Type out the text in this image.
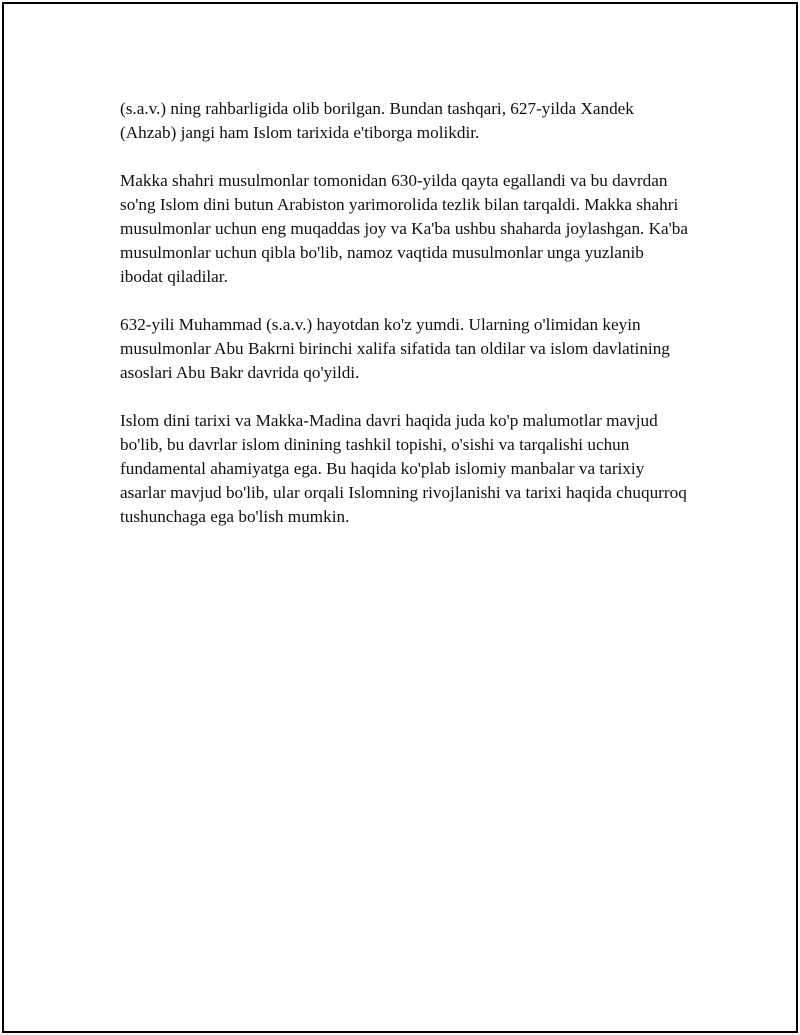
(s.a.v.) ning rahbarligida olib borilgan. Bundan tashqari, 627-yilda Xandek (Ahzab) jangi ham Islom tarixida e'tiborga molikdir.

Makka shahri musulmonlar tomonidan 630-yilda qayta egallandi va bu davrdan so'ng Islom dini butun Arabiston yarimorolida tezlik bilan tarqaldi. Makka shahri musulmonlar uchun eng muqaddas joy va Ka'ba ushbu shaharda joylashgan. Ka'ba musulmonlar uchun qibla bo'lib, namoz vaqtida musulmonlar unga yuzlanib ibodat qiladilar.

632-yili Muhammad (s.a.v.) hayotdan ko'z yumdi. Ularning o'limidan keyin musulmonlar Abu Bakrni birinchi xalifa sifatida tan oldilar va islom davlatining asoslari Abu Bakr davrida qo'yildi.

Islom dini tarixi va Makka-Madina davri haqida juda ko'p malumotlar mavjud bo'lib, bu davrlar islom dinining tashkil topishi, o'sishi va tarqalishi uchun fundamental ahamiyatga ega. Bu haqida ko'plab islomiy manbalar va tarixiy asarlar mavjud bo'lib, ular orqali Islomning rivojlanishi va tarixi haqida chuqurroq tushunchaga ega bo'lish mumkin.
